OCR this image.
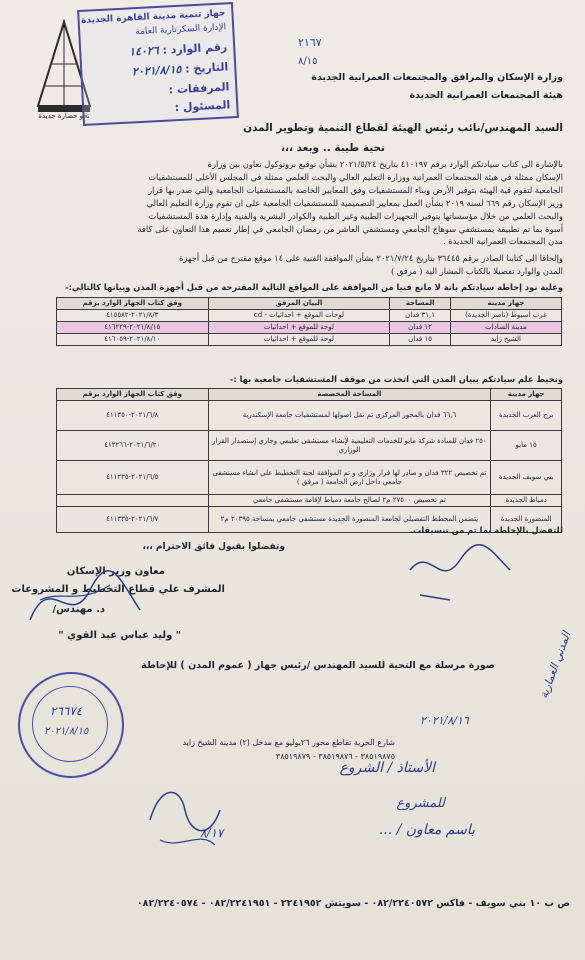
نحو حضارة جديدة
جهاز تنمية مدينة القاهرة الجديدة
الإدارة السكرتارية العامة
رقم الوارد : ١٤٠٢٦
التاريخ : ٢٠٢١/٨/١٥
المرفقات :
المسئول :
٢١٦٧
٨/١٥
وزارة الإسكان والمرافق والمجتمعات العمرانية الجديدة
هيئة المجتمعات العمرانية الجديدة
السيد المهندس/نائب رئيس الهيئة لقطاع التنمية وتطوير المدن
تحية طيبة .. وبعد ،،،
بالإشارة الى كتاب سيادتكم الوارد برقم ٤١٠١٩٧ بتاريخ ٢٠٢١/٥/٢٤ بشأن توقيع بروتوكول تعاون بين وزارة
الإسكان ممثلة في هيئة المجتمعات العمرانية ووزارة التعليم العالي والبحث العلمي ممثلة في المجلس الأعلى للمستشفيات
الجامعية لتقوم فية الهيئة بتوفير الأرض وبناء المستشفيات وفق المعايير الخاصة بالمستشفيات الجامعية والتي صدر بها قرار
وزير الإسكان رقم ٦٦٩ لسنة ٢٠١٩ بشأن العمل بمعايير التصميمية للمستشفيات الجامعية على ان تقوم وزارة التعليم العالي
والبحث العلمي من خلال مؤسساتها بتوفير التجهيزات الطبية وغير الطبية والكوادر البشرية والفنية وإدارة هذة المستشفيات
أسوة بما تم تطبيقة بمستشفي سوهاج الجامعي ومستشفي العاشر من رمضان الجامعي في إطار تعميم هذا التعاون على كافة
مدن المجتمعات العمرانية الجديدة .
وإلحاقا الى كتابنا الصادر برقم ٣٦٤٤٥ بتاريخ ٢٠٢١/٧/٢٤ بشأن الموافقة الفنية على ١٤ موقع مقترح من قبل أجهزة
المدن والوارد تفصيلا بالكتاب المشار الية ( مرفق )
وعلية نود إحاطة سيادتكم بانة لا مانع فنيا من الموافقة على المواقع التالية المقترحة من قبل أجهزة المدن وبيانها كالتالي:-
جهاز مدينة	المساحة	البيان المرفق	وفق كتاب الجهاز الوارد برقم
غرب اسيوط (ناصر الجديدة)	٣١,١ فدان	لوحات الموقع + احداثيات - cd	٢٠٢١/٨/٣-٤١٥٥٨٢
مدينة السادات	١٢ فدان	لوحة للموقع + احداثيات	٢٠٢١/٨/١٥-٤١٦٢٢٩
الشيخ زايد	١٥ فدان	لوحة للموقع + احداثيات	٢٠٢١/٨/١٠-٤١٦٠٥٩
ونحيط علم سيادتكم ببيان المدن التي اتخذت من موقف المستشفيات جامعية بها :-
جهاز مدينة	المساحة المخصصة	وفق كتاب الجهاز الوارد برقم
برج العرب الجديدة	٦٦,٦ فدان بالمحور المركزي تم نقل اصولها لمستشفيات جامعة الإسكندرية	٢٠٢١/٦/٨-٤١١٣٥٠
١٥ مايو	٢٥٠ فدان للسادة شركة مايو للخدمات التعليمية لإنشاء مستشفى تعليمي وجاري إستصدار القرار الوزاري	٢٠٢١/٦/٢٠-٤١٢٢٦٦
بني سويف الجديدة	تم تخصيص ٣٢٢ فدان و صادر لها قرار وزاري و تم الموافقة لجنة التخطيط على انشاء مستشفى جامعي داخل ارض الجامعة ( مرفق )	٢٠٢١/٦/٥-٤١١٢٣٥
دمياط الجديدة	تم تخصيص ٢٧٥٠٠ م٢ لصالح جامعة دمياط لإقامة مستشفى جامعي	
المنصورة الجديدة	يتضمن المخطط التفصيلي لجامعة المنصورة الجديدة مستشفي جامعي بمساحة ٢٠٣٩٥ م٢	٢٠٢١/٦/٧-٤١١٣٣٥
للتفضل بالإحاطة بما تم من تنسيقات.
وتفضلوا بقبول فائق الاحترام ،،،
معاون وزير الإسكان
المشرف علي قطاع التخطيط و المشروعات
د. مهندس/
" وليد عباس عبد القوي "
صورة مرسلة مع التحية للسيد المهندس /رئيس جهاز ( عموم المدن ) للإحاطة
٢٦٦٧٤
٢٠٢١/٨/١٥
شارع الحرية تقاطع محور ٢٦يوليو مع مدخل (٢) مدينة الشيخ زايد
٣٨٥١٩٨٧٥ - ٣٨٥١٩٨٧٦ - ٣٨٥١٩٨٧٩
٢٠٢١/٨/١٦
الأستاذ / الشروع
للمشروع
باسم معاون / ...
٨/١٧
المدني العمارية
ص ب ١٠ بني سويف - فاكس ٠٨٢/٢٢٤٠٥٧٢ - سويتش ٢٢٤١٩٥٢ - ٠٨٢/٢٢٤١٩٥١ - ٠٨٢/٢٢٤٠٥٧٤
